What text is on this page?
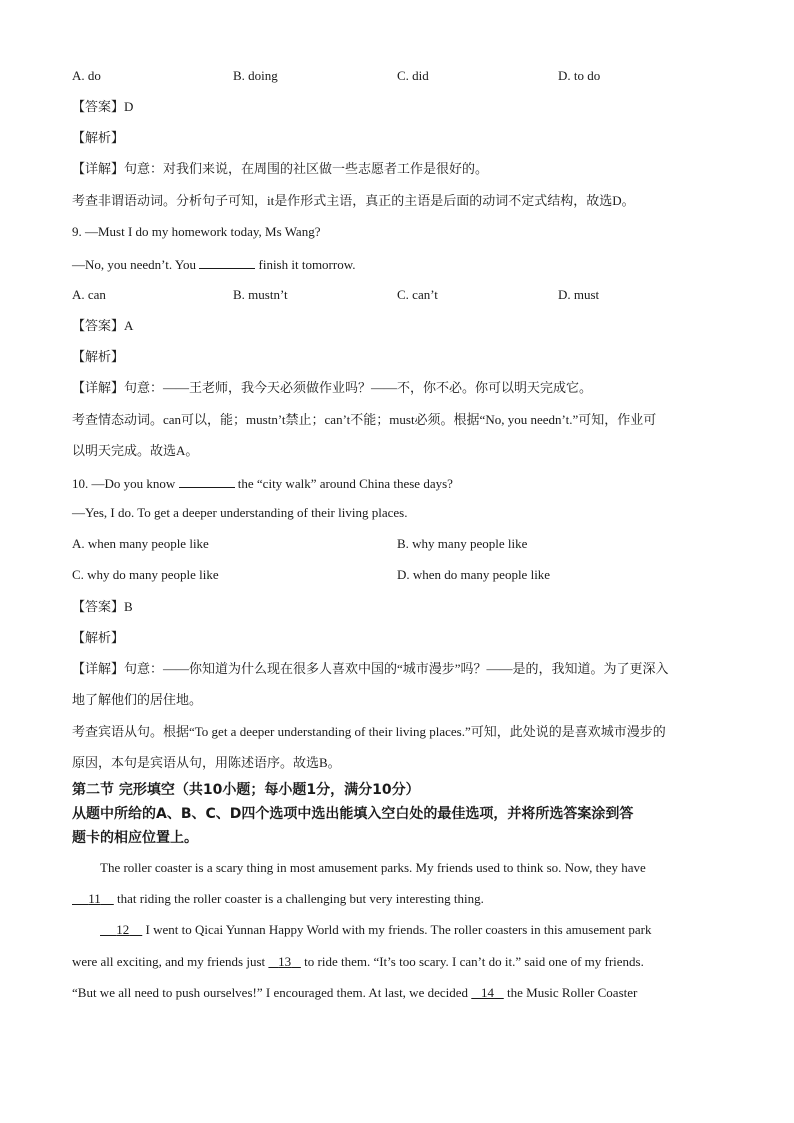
A. do	B. doing	C. did	D. to do
【答案】D
【解析】
【详解】句意：对我们来说，在周围的社区做一些志愿者工作是很好的。
考查非谓语动词。分析句子可知，it是作形式主语，真正的主语是后面的动词不定式结构，故选D。
9. —Must I do my homework today, Ms Wang?
—No, you needn’t. You	finish it tomorrow.
A. can	B. mustn’t	C. can’t	D. must
【答案】A
【解析】
【详解】句意：——王老师，我今天必须做作业吗？——不，你不必。你可以明天完成它。
考查情态动词。can可以，能；mustn’t禁止；can’t不能；must必须。根据“No, you needn’t.”可知，作业可
以明天完成。故选A。
10. —Do you know	the “city walk” around China these days?
—Yes, I do. To get a deeper understanding of their living places.
A. when many people like	B. why many people like
C. why do many people like	D. when do many people like
【答案】B
【解析】
【详解】句意：——你知道为什么现在很多人喜欢中国的“城市漫步”吗？——是的，我知道。为了更深入
地了解他们的居住地。
考查宾语从句。根据“To get a deeper understanding of their living places.”可知，此处说的是喜欢城市漫步的
原因，本句是宾语从句，用陈述语序。故选B。
第二节 完形填空（共10小题；每小题1分，满分10分）
从题中所给的A、B、C、D四个选项中选出能填入空白处的最佳选项，并将所选答案涂到答
题卡的相应位置上。
The roller coaster is a scary thing in most amusement parks. My friends used to think so. Now, they have
11 that riding the roller coaster is a challenging but very interesting thing.
12 I went to Qicai Yunnan Happy World with my friends. The roller coasters in this amusement park
were all exciting, and my friends just 13 to ride them. “It’s too scary. I can’t do it.” said one of my friends.
“But we all need to push ourselves!” I encouraged them. At last, we decided 14 the Music Roller Coaster
